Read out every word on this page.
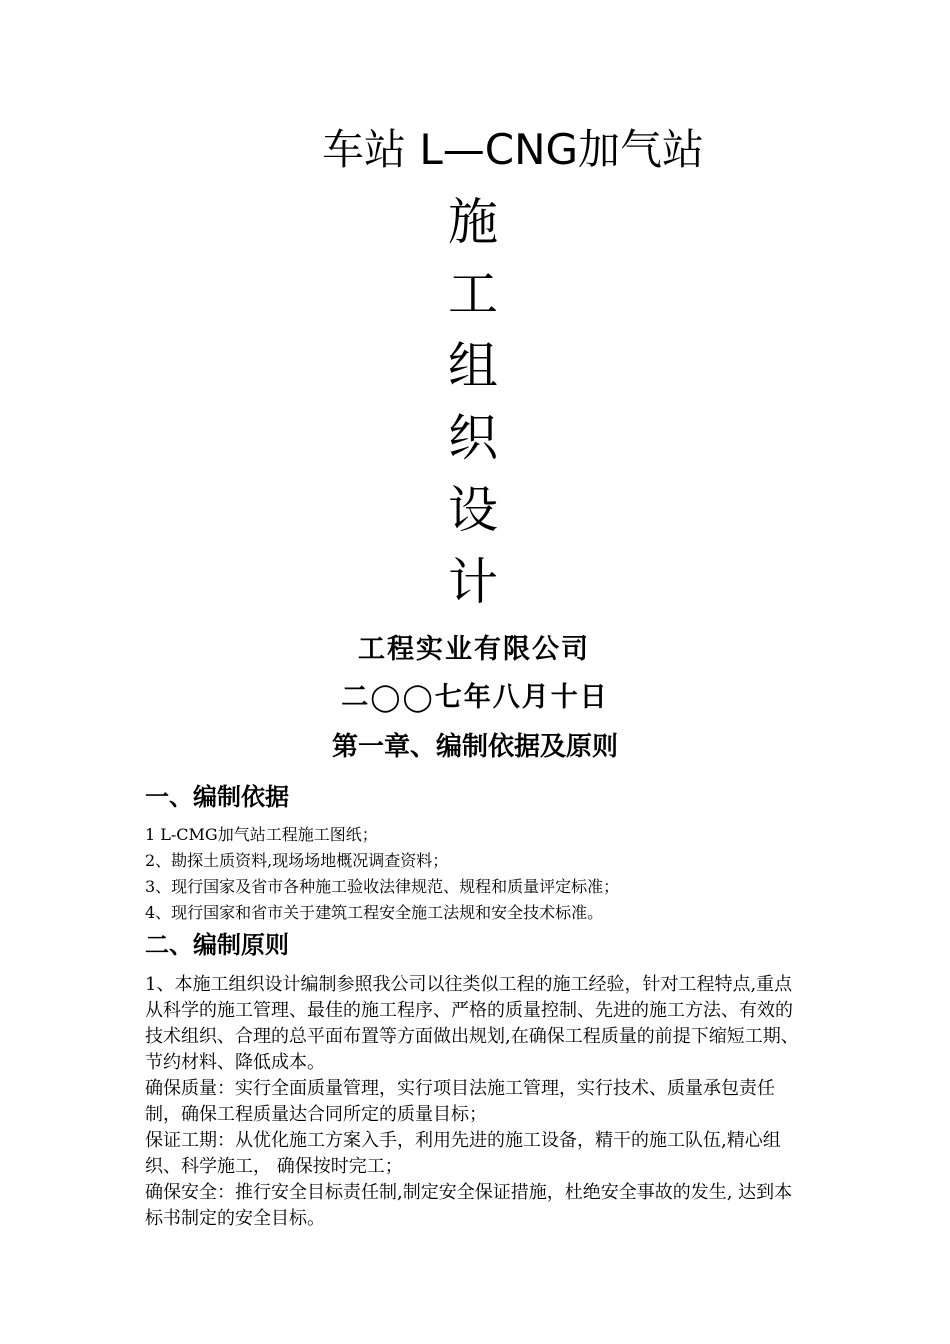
车站 L—CNG加气站
施
工
组
织
设
计
工程实业有限公司
二◯◯七年八月十日
第一章、编制依据及原则
一、编制依据
1 L-CMG加气站工程施工图纸；
2、勘探土质资料,现场场地概况调查资料；
3、现行国家及省市各种施工验收法律规范、规程和质量评定标准；
4、现行国家和省市关于建筑工程安全施工法规和安全技术标准。
二、编制原则

1、本施工组织设计编制参照我公司以往类似工程的施工经验，针对工程特点,重点从科学的施工管理、最佳的施工程序、严格的质量控制、先进的施工方法、有效的技术组织、合理的总平面布置等方面做出规划,在确保工程质量的前提下缩短工期、节约材料、降低成本。

确保质量：实行全面质量管理，实行项目法施工管理，实行技术、质量承包责任制，确保工程质量达合同所定的质量目标；

保证工期：从优化施工方案入手，利用先进的施工设备，精干的施工队伍,精心组织、科学施工， 确保按时完工；

确保安全：推行安全目标责任制,制定安全保证措施，杜绝安全事故的发生, 达到本标书制定的安全目标。
